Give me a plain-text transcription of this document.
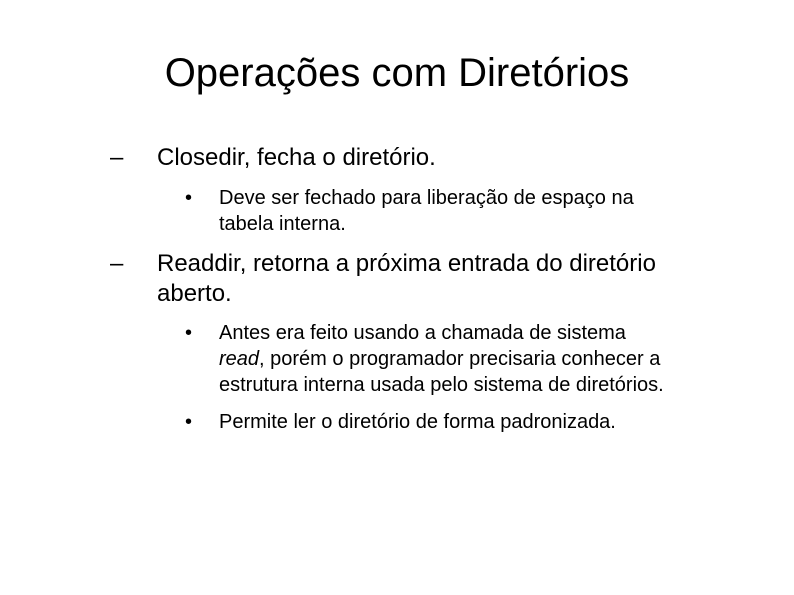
Operações com Diretórios
– Closedir, fecha o diretório.
• Deve ser fechado para liberação de espaço na
tabela interna.
– Readdir, retorna a próxima entrada do diretório
aberto.
• Antes era feito usando a chamada de sistema
read, porém o programador precisaria conhecer a
estrutura interna usada pelo sistema de diretórios.
• Permite ler o diretório de forma padronizada.
